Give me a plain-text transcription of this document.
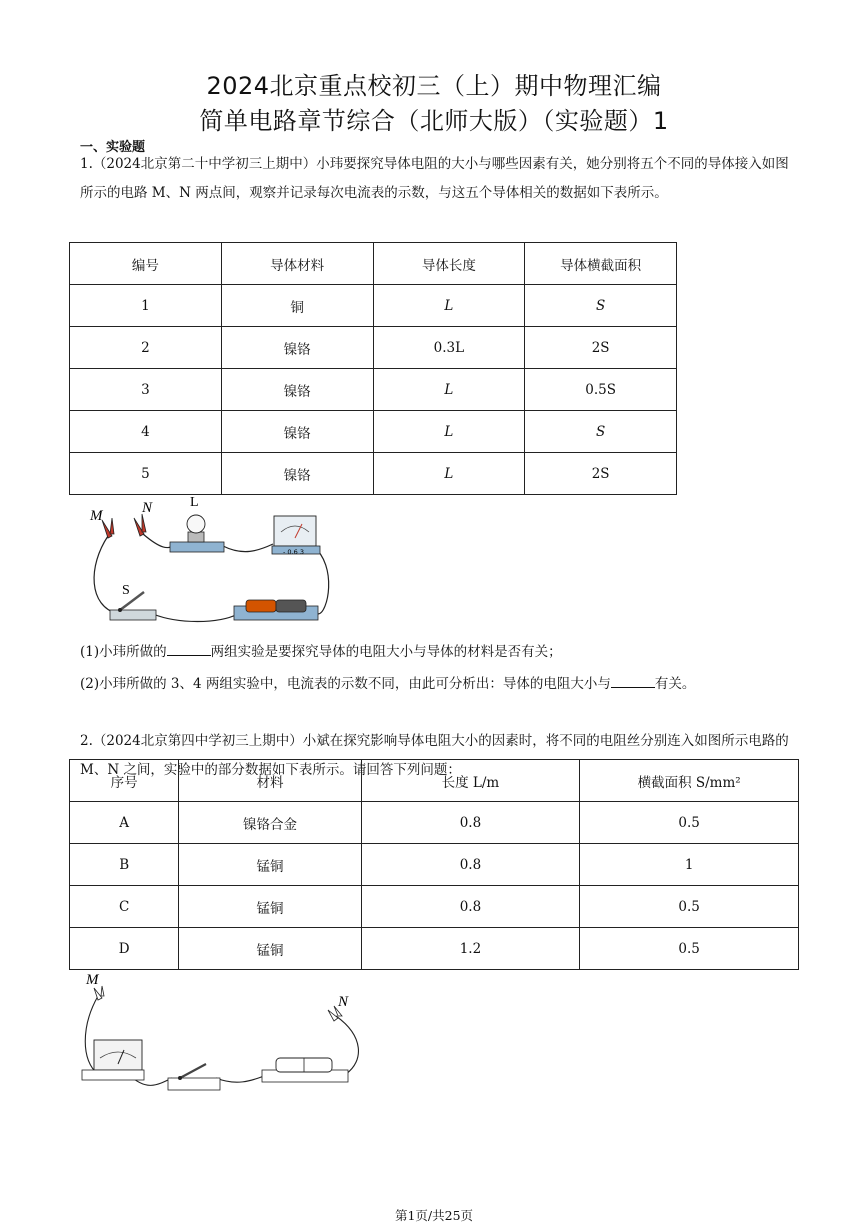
2024北京重点校初三（上）期中物理汇编
简单电路章节综合（北师大版）（实验题）1
一、实验题
1.（2024北京第二十中学初三上期中）小玮要探究导体电阻的大小与哪些因素有关，她分别将五个不同的导体接入如图所示的电路 M、N 两点间，观察并记录每次电流表的示数，与这五个导体相关的数据如下表所示。
编号	导体材料	导体长度	导体横截面积
1	铜	L	S
2	镍铬	0.3L	2S
3	镍铬	L	0.5S
4	镍铬	L	S
5	镍铬	L	2S
M	N	L
- 0.6 3
S
(1)小玮所做的	两组实验是要探究导体的电阻大小与导体的材料是否有关；
(2)小玮所做的 3、4 两组实验中，电流表的示数不同，由此可分析出：导体的电阻大小与	有关。
2.（2024北京第四中学初三上期中）小斌在探究影响导体电阻大小的因素时，将不同的电阻丝分别连入如图所示电路的 M、N 之间，实验中的部分数据如下表所示。请回答下列问题：
序号	材料	长度 L/m	横截面积 S/mm²
A	镍铬合金	0.8	0.5
B	锰铜	0.8	1
C	锰铜	0.8	0.5
D	锰铜	1.2	0.5
M
N
第1页/共25页
